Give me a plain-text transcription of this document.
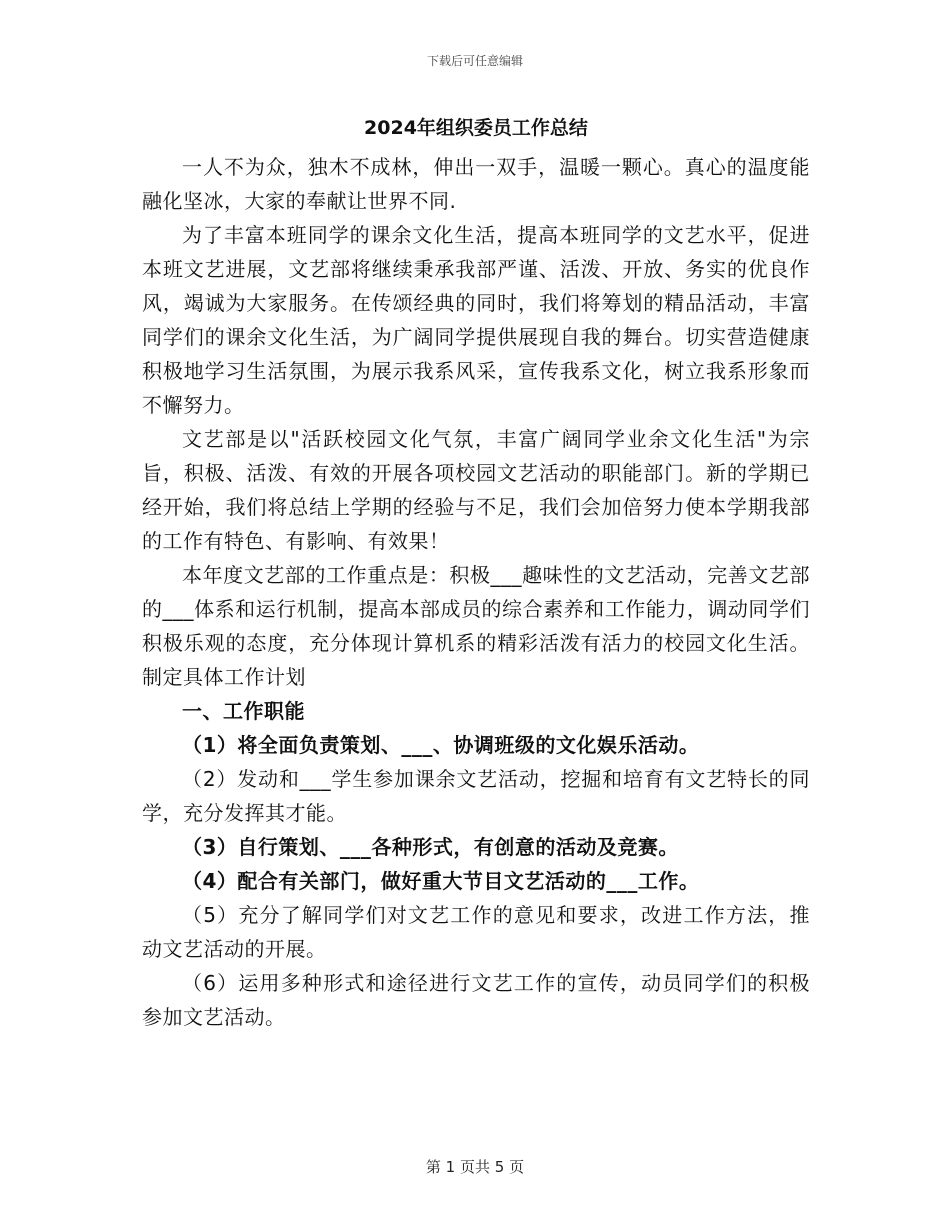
下载后可任意编辑
2024年组织委员工作总结

一人不为众，独木不成林，伸出一双手，温暖一颗心。真心的温度能融化坚冰，大家的奉献让世界不同.

为了丰富本班同学的课余文化生活，提高本班同学的文艺水平，促进本班文艺进展，文艺部将继续秉承我部严谨、活泼、开放、务实的优良作风，竭诚为大家服务。在传颂经典的同时，我们将筹划的精品活动，丰富同学们的课余文化生活，为广阔同学提供展现自我的舞台。切实营造健康积极地学习生活氛围，为展示我系风采，宣传我系文化，树立我系形象而不懈努力。

文艺部是以"活跃校园文化气氛，丰富广阔同学业余文化生活"为宗旨，积极、活泼、有效的开展各项校园文艺活动的职能部门。新的学期已经开始，我们将总结上学期的经验与不足，我们会加倍努力使本学期我部的工作有特色、有影响、有效果！

本年度文艺部的工作重点是：积极___趣味性的文艺活动，完善文艺部的___体系和运行机制，提高本部成员的综合素养和工作能力，调动同学们积极乐观的态度，充分体现计算机系的精彩活泼有活力的校园文化生活。制定具体工作计划

一、工作职能

（1）将全面负责策划、___、协调班级的文化娱乐活动。

（2）发动和___学生参加课余文艺活动，挖掘和培育有文艺特长的同学，充分发挥其才能。

（3）自行策划、___各种形式，有创意的活动及竞赛。

（4）配合有关部门，做好重大节目文艺活动的___工作。

（5）充分了解同学们对文艺工作的意见和要求，改进工作方法，推动文艺活动的开展。

（6）运用多种形式和途径进行文艺工作的宣传，动员同学们的积极参加文艺活动。

第 1 页共 5 页
